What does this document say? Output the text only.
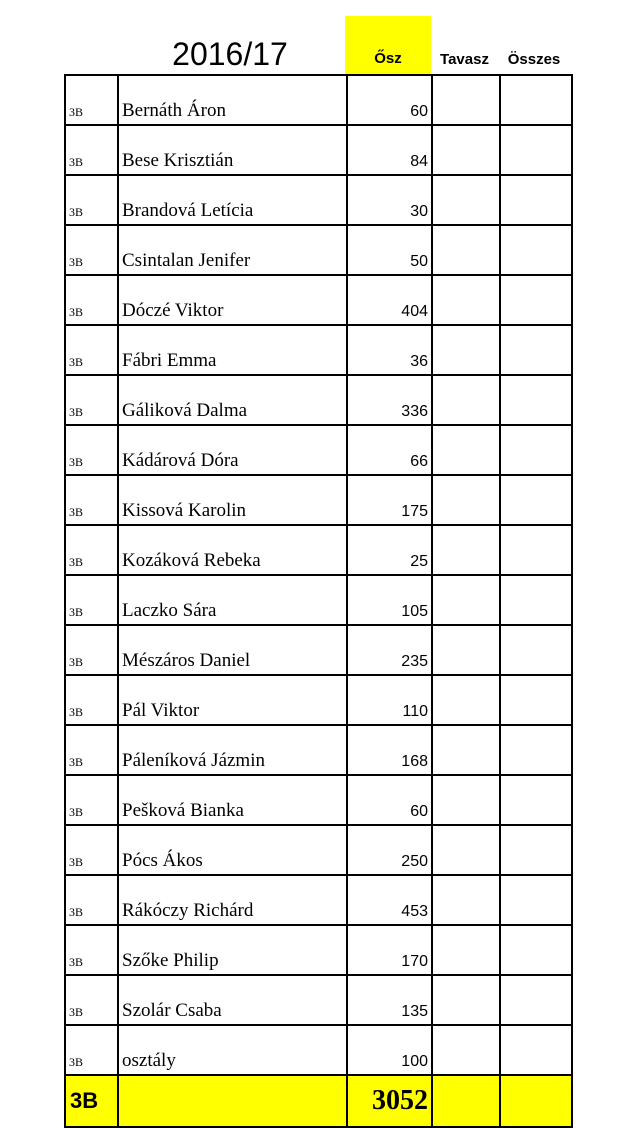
2016/17	Ősz	Tavasz	Összes
3B	Bernáth Áron	60		
3B	Bese Krisztián	84		
3B	Brandová Letícia	30		
3B	Csintalan Jenifer	50		
3B	Dóczé Viktor	404		
3B	Fábri Emma	36		
3B	Gáliková Dalma	336		
3B	Kádárová Dóra	66		
3B	Kissová Karolin	175		
3B	Kozáková Rebeka	25		
3B	Laczko Sára	105		
3B	Mészáros Daniel	235		
3B	Pál Viktor	110		
3B	Páleníková Jázmin	168		
3B	Pešková Bianka	60		
3B	Pócs Ákos	250		
3B	Rákóczy Richárd	453		
3B	Szőke Philip	170		
3B	Szolár Csaba	135		
3B	osztály	100		
3B		3052		
